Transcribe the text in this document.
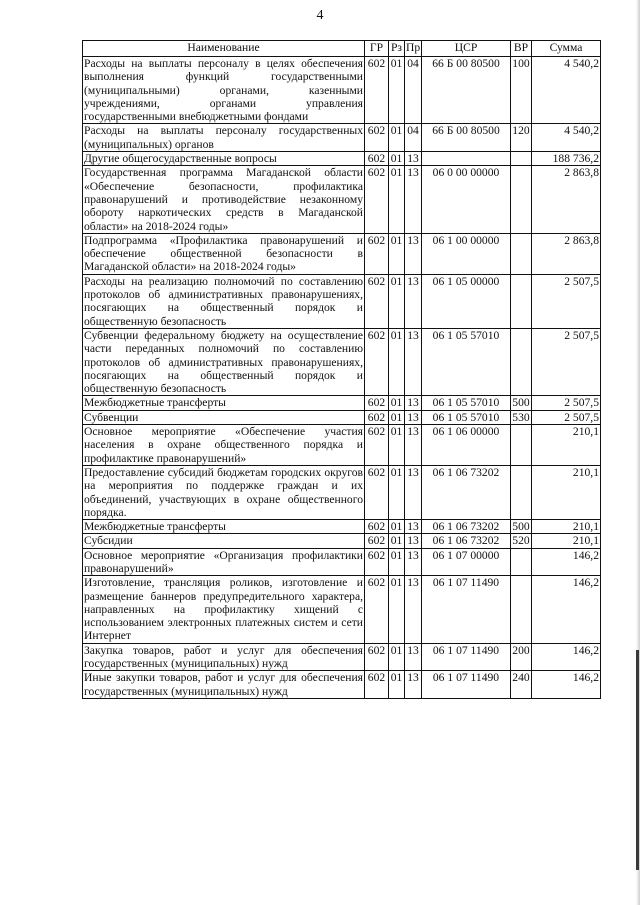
4
Наименование	ГР	Рз	Пр	ЦСР	ВР	Сумма
Расходы на выплаты персоналу в целях обеспечения выполнения функций государственными (муниципальными) органами, казенными учреждениями, органами управления государственными внебюджетными фондами	602	01	04	66 Б 00 80500	100	4 540,2
Расходы на выплаты персоналу государственных (муниципальных) органов	602	01	04	66 Б 00 80500	120	4 540,2
Другие общегосударственные вопросы	602	01	13			188 736,2
Государственная программа Магаданской области «Обеспечение безопасности, профилактика правонарушений и противодействие незаконному обороту наркотических средств в Магаданской области» на 2018-2024 годы»	602	01	13	06 0 00 00000		2 863,8
Подпрограмма «Профилактика правонарушений и обеспечение общественной безопасности в Магаданской области» на 2018-2024 годы»	602	01	13	06 1 00 00000		2 863,8
Расходы на реализацию полномочий по составлению протоколов об административных правонарушениях, посягающих на общественный порядок и общественную безопасность	602	01	13	06 1 05 00000		2 507,5
Субвенции федеральному бюджету на осуществление части переданных полномочий по составлению протоколов об административных правонарушениях, посягающих на общественный порядок и общественную безопасность	602	01	13	06 1 05 57010		2 507,5
Межбюджетные трансферты	602	01	13	06 1 05 57010	500	2 507,5
Субвенции	602	01	13	06 1 05 57010	530	2 507,5
Основное мероприятие «Обеспечение участия населения в охране общественного порядка и профилактике правонарушений»	602	01	13	06 1 06 00000		210,1
Предоставление субсидий бюджетам городских округов на мероприятия по поддержке граждан и их объединений, участвующих в охране общественного порядка.	602	01	13	06 1 06 73202		210,1
Межбюджетные трансферты	602	01	13	06 1 06 73202	500	210,1
Субсидии	602	01	13	06 1 06 73202	520	210,1
Основное мероприятие «Организация профилактики правонарушений»	602	01	13	06 1 07 00000		146,2
Изготовление, трансляция роликов, изготовление и размещение баннеров предупредительного характера, направленных на профилактику хищений с использованием электронных платежных систем и сети Интернет	602	01	13	06 1 07 11490		146,2
Закупка товаров, работ и услуг для обеспечения государственных (муниципальных) нужд	602	01	13	06 1 07 11490	200	146,2
Иные закупки товаров, работ и услуг для обеспечения государственных (муниципальных) нужд	602	01	13	06 1 07 11490	240	146,2
